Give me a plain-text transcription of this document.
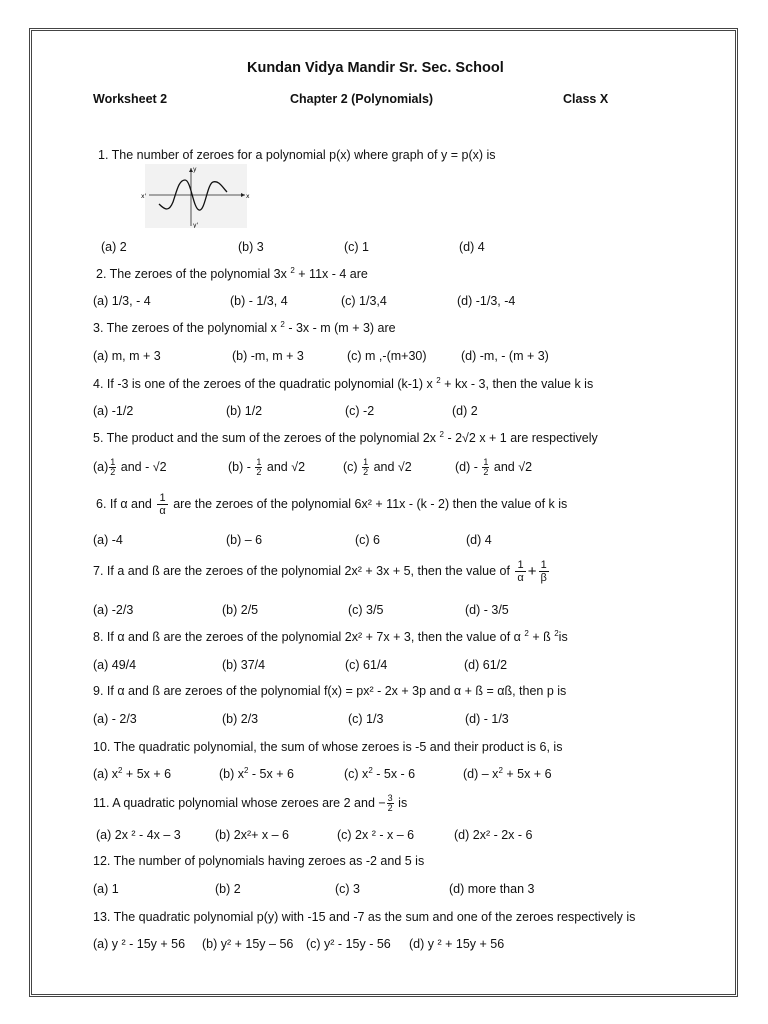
Kundan Vidya Mandir Sr. Sec. School
Worksheet 2	Chapter 2 (Polynomials)	Class X
1. The number of zeroes for a polynomial p(x) where graph of y = p(x) is
x'	x
y
y'
(a) 2	(b) 3	(c) 1	(d) 4
2. The zeroes of the polynomial 3x $^2$ + 11x - 4 are
(a) 1/3, - 4	(b) - 1/3, 4	(c) 1/3,4	(d) -1/3, -4
3. The zeroes of the polynomial x $^2$ - 3x - m (m + 3) are
(a) m, m + 3	(b) -m, m + 3	(c) m ,-(m+30)	(d) -m, - (m + 3)
4. If -3 is one of the zeroes of the quadratic polynomial (k-1) x $^2$ + kx - 3, then the value k is
(a) -1/2	(b) 1/2	(c) -2	(d) 2
5. The product and the sum of the zeroes of the polynomial 2x $^2$ - 2√2 x + 1 are respectively
$(a) \frac{1}{2}$ and - √2	$(b) - \frac{1}{2}$ and √2	$(c) \frac{1}{2}$ and √2	$(d) - \frac{1}{2}$ and √2
6. If α and $\frac{1}{\alpha}$ are the zeroes of the polynomial 6x² + 11x - (k - 2) then the value of k is
(a) -4	(b) – 6	(c) 6	(d) 4
7. If a and ß are the zeroes of the polynomial 2x² + 3x + 5, then the value of $\frac{1}{\alpha} + \frac{1}{\beta}$
(a) -2/3	(b) 2/5	(c) 3/5	(d) - 3/5
8. If α and ß are the zeroes of the polynomial 2x² + 7x + 3, then the value of α $^2$ + ß $^2$is
(a) 49/4	(b) 37/4	(c) 61/4	(d) 61/2
9. If α and ß are zeroes of the polynomial f(x) = px² - 2x + 3p and α + ß = αß, then p is
(a) - 2/3	(b) 2/3	(c) 1/3	(d) - 1/3
10. The quadratic polynomial, the sum of whose zeroes is -5 and their product is 6, is
(a) $x^2 + 5x + 6$	(b) $x^2 - 5x + 6$	(c) $x^2 - 5x - 6$	$(d) - x^2 + 5x + 6$
11. A quadratic polynomial whose zeroes are 2 and − $\frac{3}{2}$ is
(a) 2x ² - 4x – 3	(b) 2x²+ x – 6	(c) 2x ² - x – 6	(d) 2x² - 2x - 6
12. The number of polynomials having zeroes as -2 and 5 is
(a) 1	(b) 2	(c) 3	(d) more than 3
13. The quadratic polynomial p(y) with -15 and -7 as the sum and one of the zeroes respectively is
(a) y ² - 15y + 56 (b) y² + 15y – 56 (c) y² - 15y - 56 (d) y ² + 15y + 56
